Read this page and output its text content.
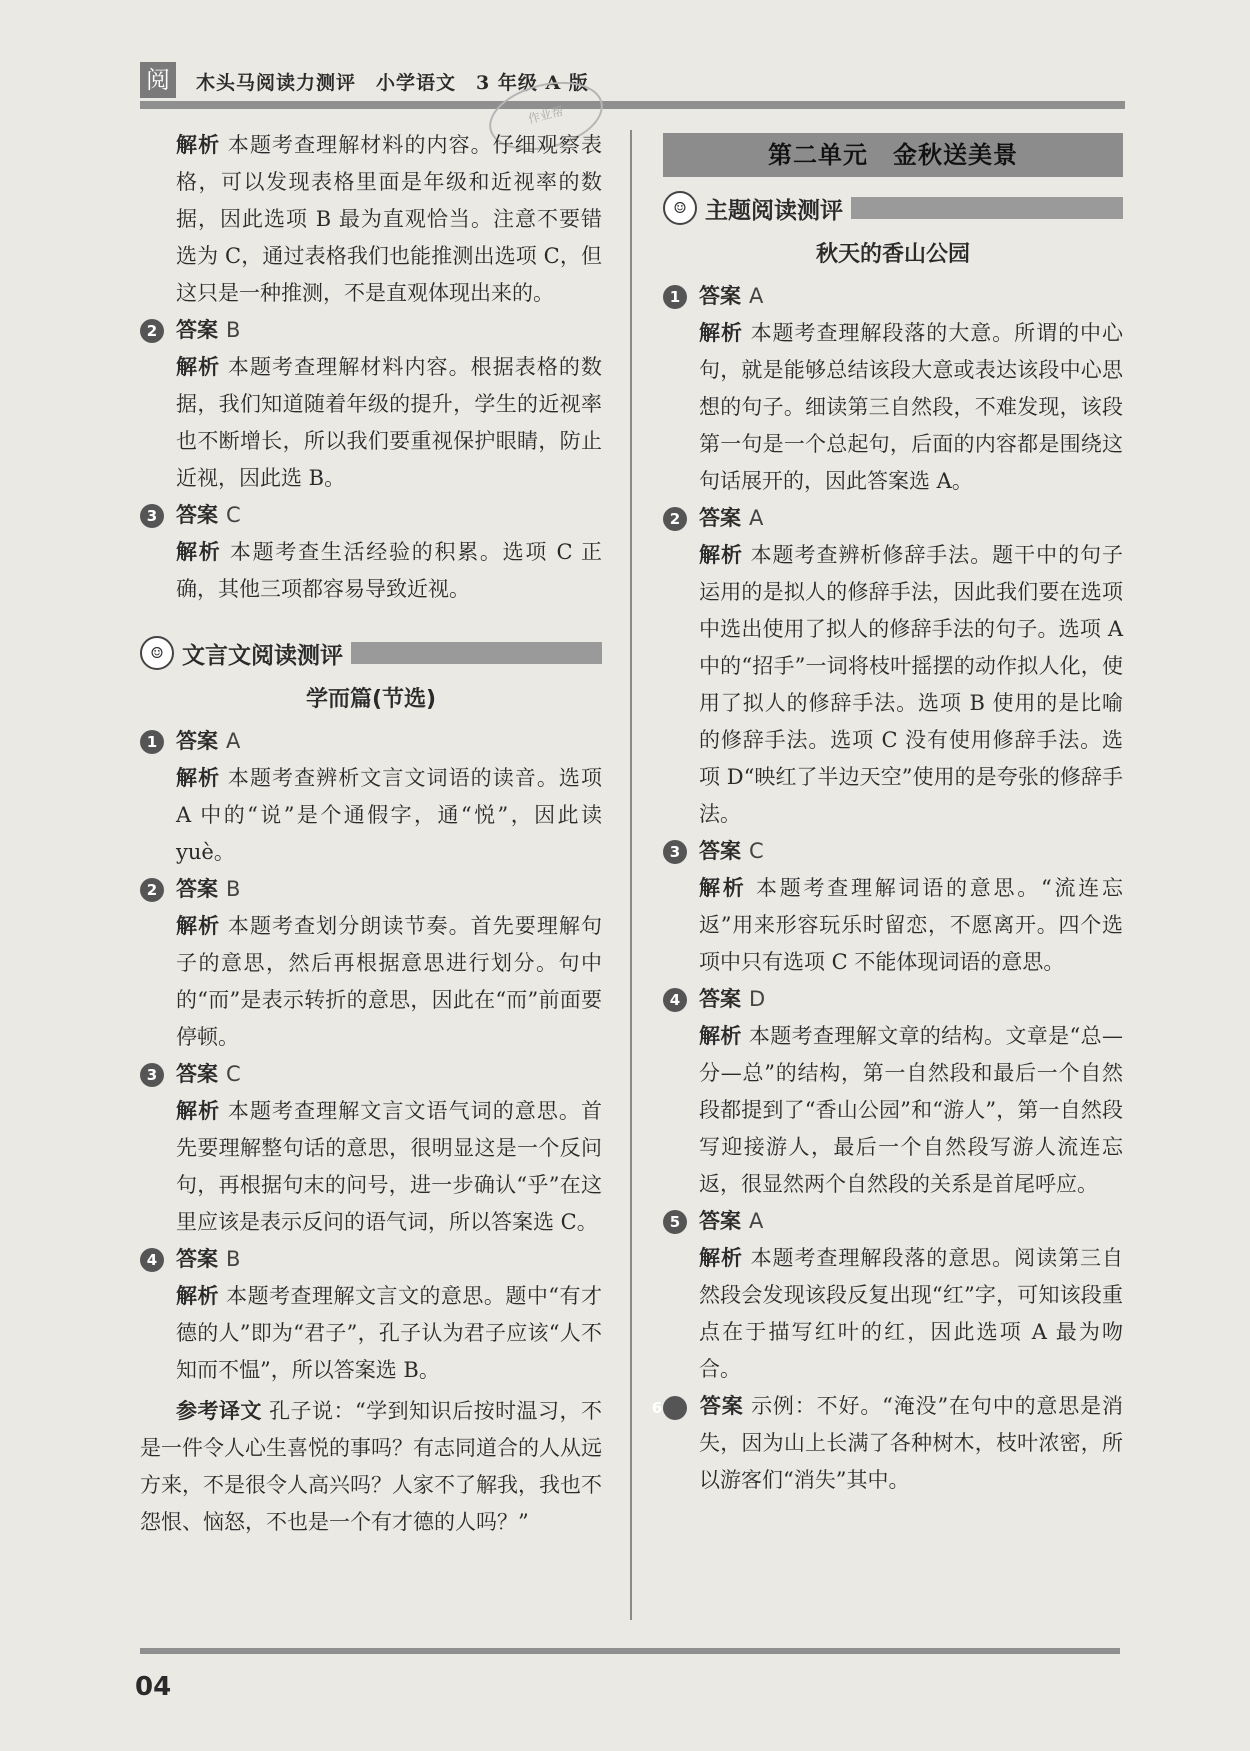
阅	木头马阅读力测评　小学语文　3 年级 A 版
作业帮

解析 本题考查理解材料的内容。仔细观察表格，可以发现表格里面是年级和近视率的数据，因此选项 B 最为直观恰当。注意不要错选为 C，通过表格我们也能推测出选项 C，但这只是一种推测，不是直观体现出来的。

2 答案 B

解析 本题考查理解材料内容。根据表格的数据，我们知道随着年级的提升，学生的近视率也不断增长，所以我们要重视保护眼睛，防止近视，因此选 B。

3 答案 C

解析 本题考查生活经验的积累。选项 C 正确，其他三项都容易导致近视。

☺ 文言文阅读测评
学而篇(节选)
1 答案 A

解析 本题考查辨析文言文词语的读音。选项 A 中的“说”是个通假字，通“悦”，因此读 yuè。

2 答案 B

解析 本题考查划分朗读节奏。首先要理解句子的意思，然后再根据意思进行划分。句中的“而”是表示转折的意思，因此在“而”前面要停顿。

3 答案 C

解析 本题考查理解文言文语气词的意思。首先要理解整句话的意思，很明显这是一个反问句，再根据句末的问号，进一步确认“乎”在这里应该是表示反问的语气词，所以答案选 C。

4 答案 B

解析 本题考查理解文言文的意思。题中“有才德的人”即为“君子”，孔子认为君子应该“人不知而不愠”，所以答案选 B。

参考译文 孔子说：“学到知识后按时温习，不是一件令人心生喜悦的事吗？有志同道合的人从远方来，不是很令人高兴吗？人家不了解我，我也不怨恨、恼怒，不也是一个有才德的人吗？”

第二单元　金秋送美景
☺ 主题阅读测评
秋天的香山公园
1 答案 A

解析 本题考查理解段落的大意。所谓的中心句，就是能够总结该段大意或表达该段中心思想的句子。细读第三自然段，不难发现，该段第一句是一个总起句，后面的内容都是围绕这句话展开的，因此答案选 A。

2 答案 A

解析 本题考查辨析修辞手法。题干中的句子运用的是拟人的修辞手法，因此我们要在选项中选出使用了拟人的修辞手法的句子。选项 A 中的“招手”一词将枝叶摇摆的动作拟人化，使用了拟人的修辞手法。选项 B 使用的是比喻的修辞手法。选项 C 没有使用修辞手法。选项 D“映红了半边天空”使用的是夸张的修辞手法。

3 答案 C

解析 本题考查理解词语的意思。“流连忘返”用来形容玩乐时留恋，不愿离开。四个选项中只有选项 C 不能体现词语的意思。

4 答案 D

解析 本题考查理解文章的结构。文章是“总—分—总”的结构，第一自然段和最后一个自然段都提到了“香山公园”和“游人”，第一自然段写迎接游人，最后一个自然段写游人流连忘返，很显然两个自然段的关系是首尾呼应。

5 答案 A

解析 本题考查理解段落的意思。阅读第三自然段会发现该段反复出现“红”字，可知该段重点在于描写红叶的红，因此选项 A 最为吻合。

6 答案 示例：不好。“淹没”在句中的意思是消失，因为山上长满了各种树木，枝叶浓密，所以游客们“消失”其中。

04
